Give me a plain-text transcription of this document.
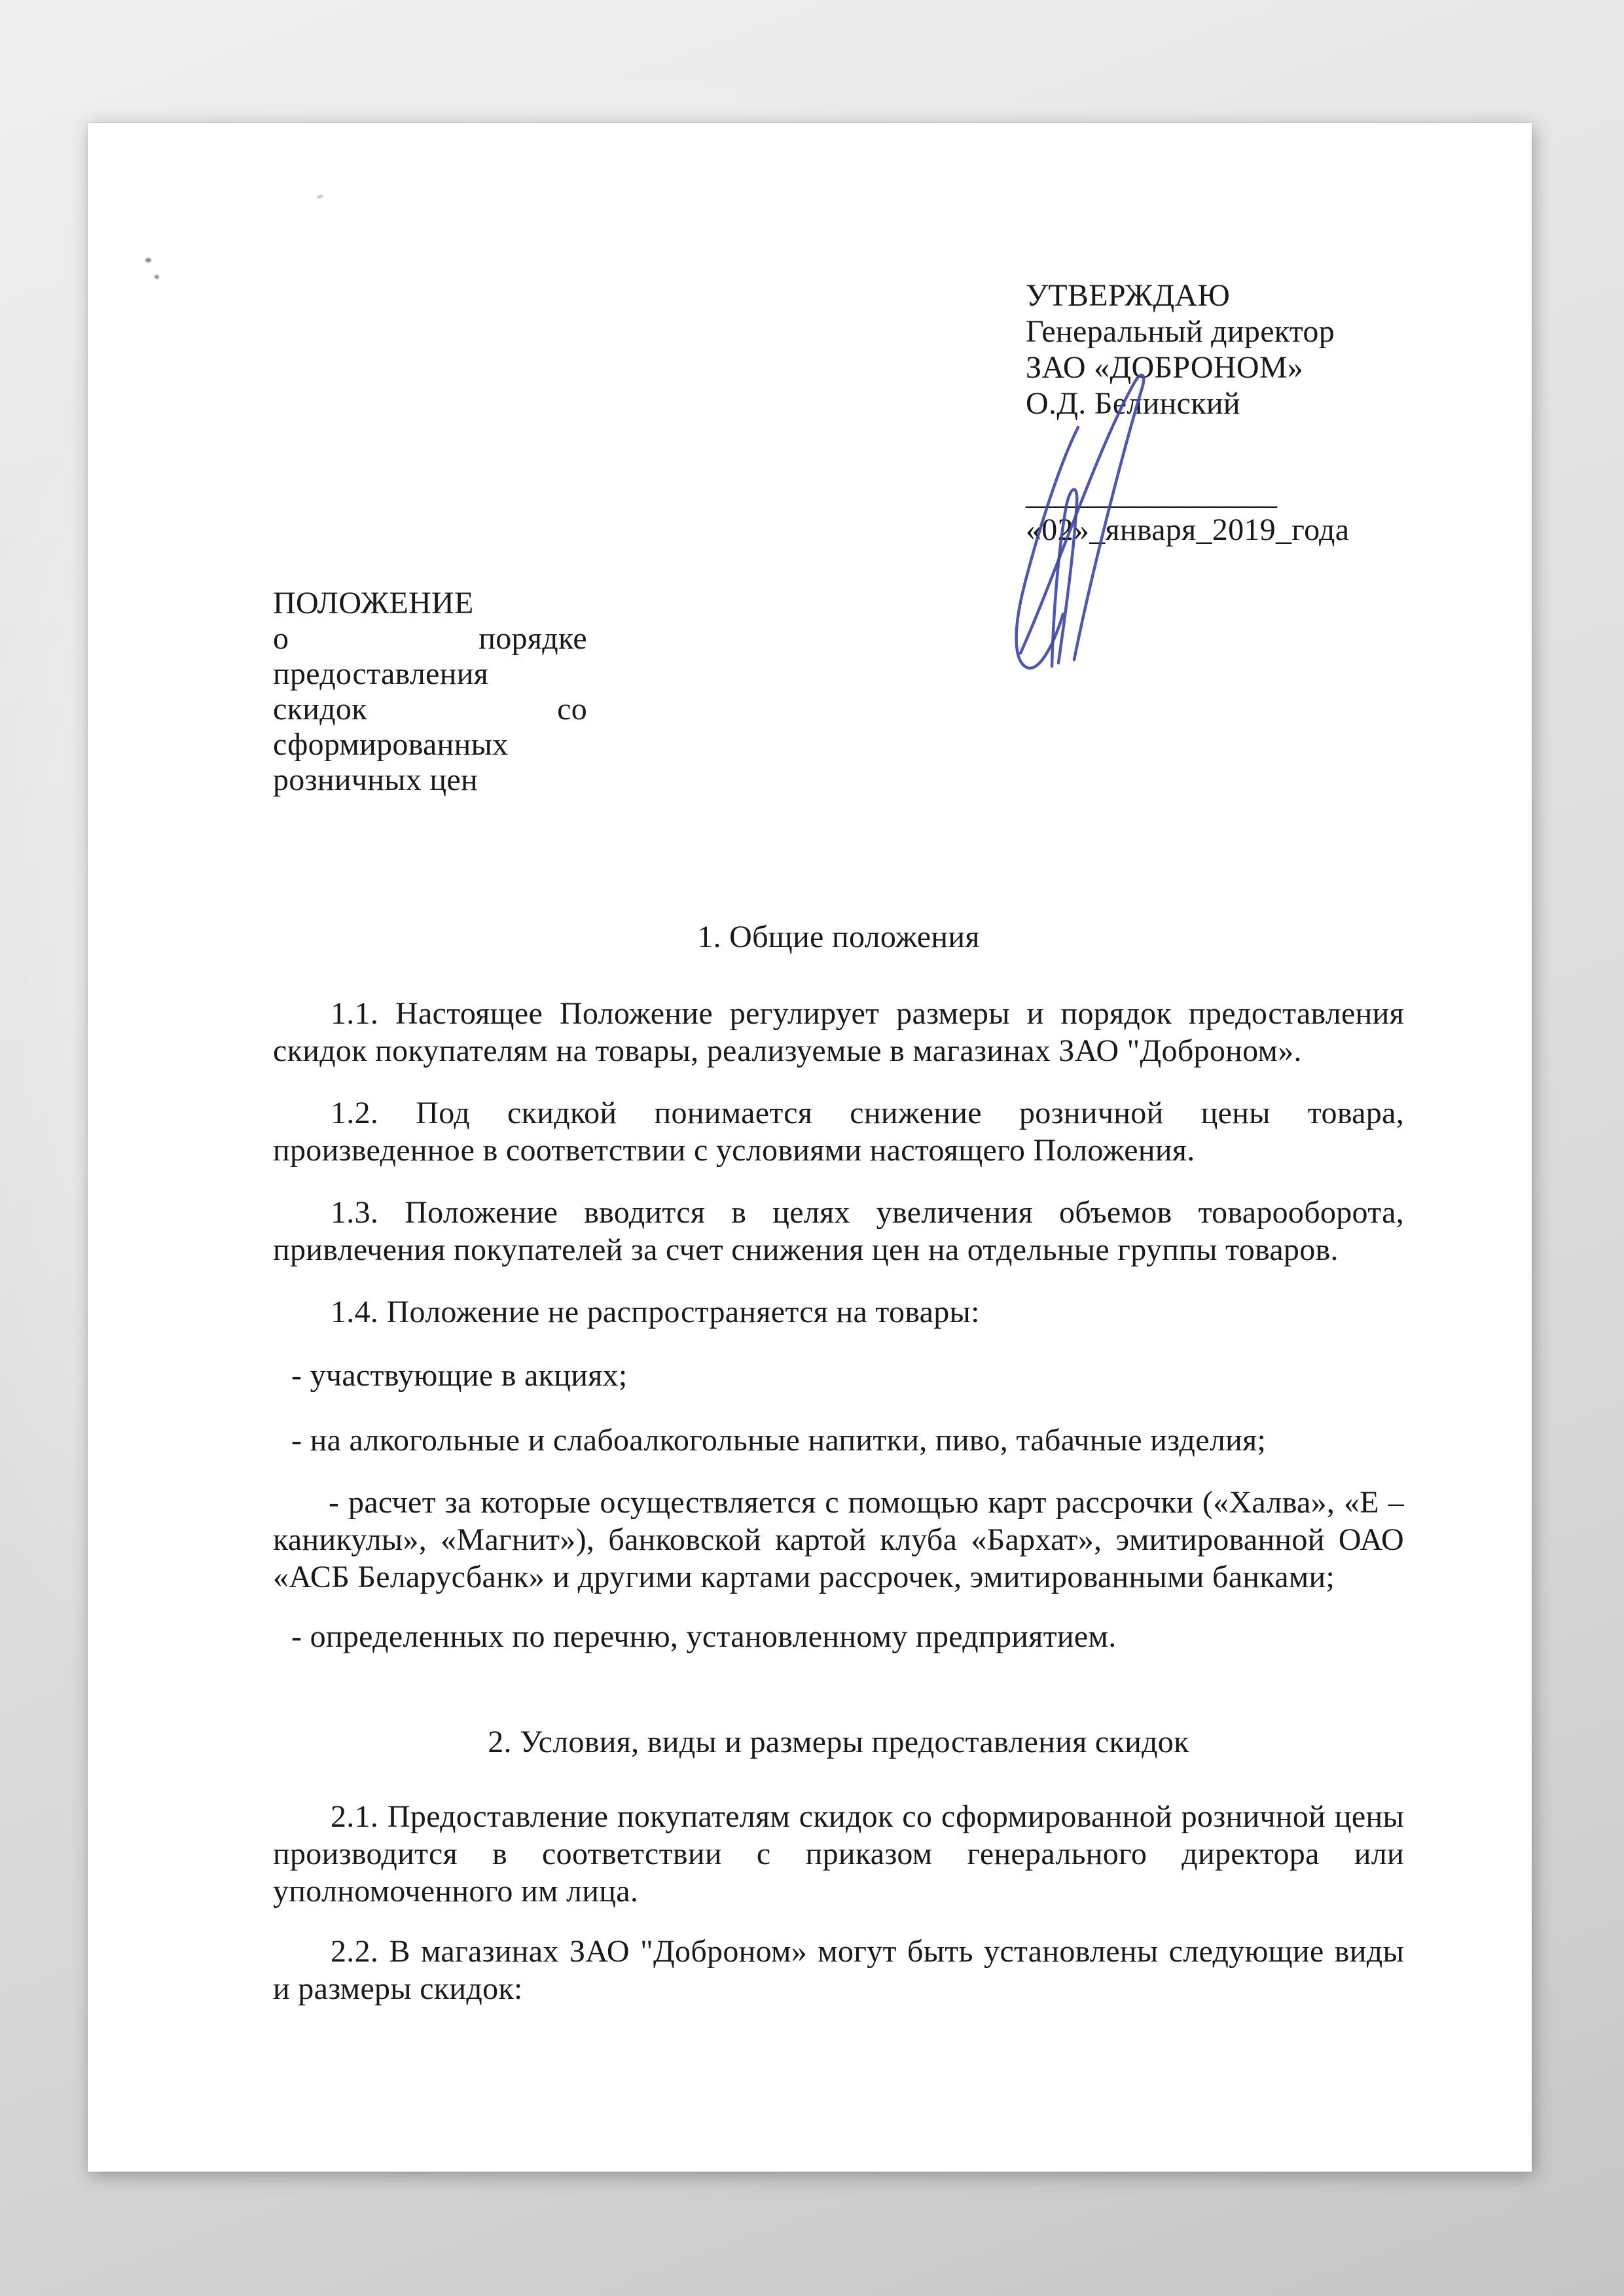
УТВЕРЖДАЮ
Генеральный директор
ЗАО «ДОБРОНОМ»
О.Д. Белинский
________________
«02»_января_2019_года
ПОЛОЖЕНИЕ
о порядке предоставления
скидок со сформированных
розничных цен
1. Общие положения
1.1. Настоящее Положение регулирует размеры и порядок предоставления скидок покупателям на товары, реализуемые в магазинах ЗАО "Доброном».
1.2. Под скидкой понимается снижение розничной цены товара, произведенное в соответствии с условиями настоящего Положения.
1.3. Положение вводится в целях увеличения объемов товарооборота, привлечения покупателей за счет снижения цен на отдельные группы товаров.
1.4. Положение не распространяется на товары:
- участвующие в акциях;
- на алкогольные и слабоалкогольные напитки, пиво, табачные изделия;
- расчет за которые осуществляется с помощью карт рассрочки («Халва», «Е – каникулы», «Магнит»), банковской картой клуба «Бархат», эмитированной ОАО «АСБ Беларусбанк» и другими картами рассрочек, эмитированными банками;
- определенных по перечню, установленному предприятием.
2. Условия, виды и размеры предоставления скидок
2.1. Предоставление покупателям скидок со сформированной розничной цены производится в соответствии с приказом генерального директора или уполномоченного им лица.
2.2. В магазинах ЗАО "Доброном» могут быть установлены следующие виды и размеры скидок:
